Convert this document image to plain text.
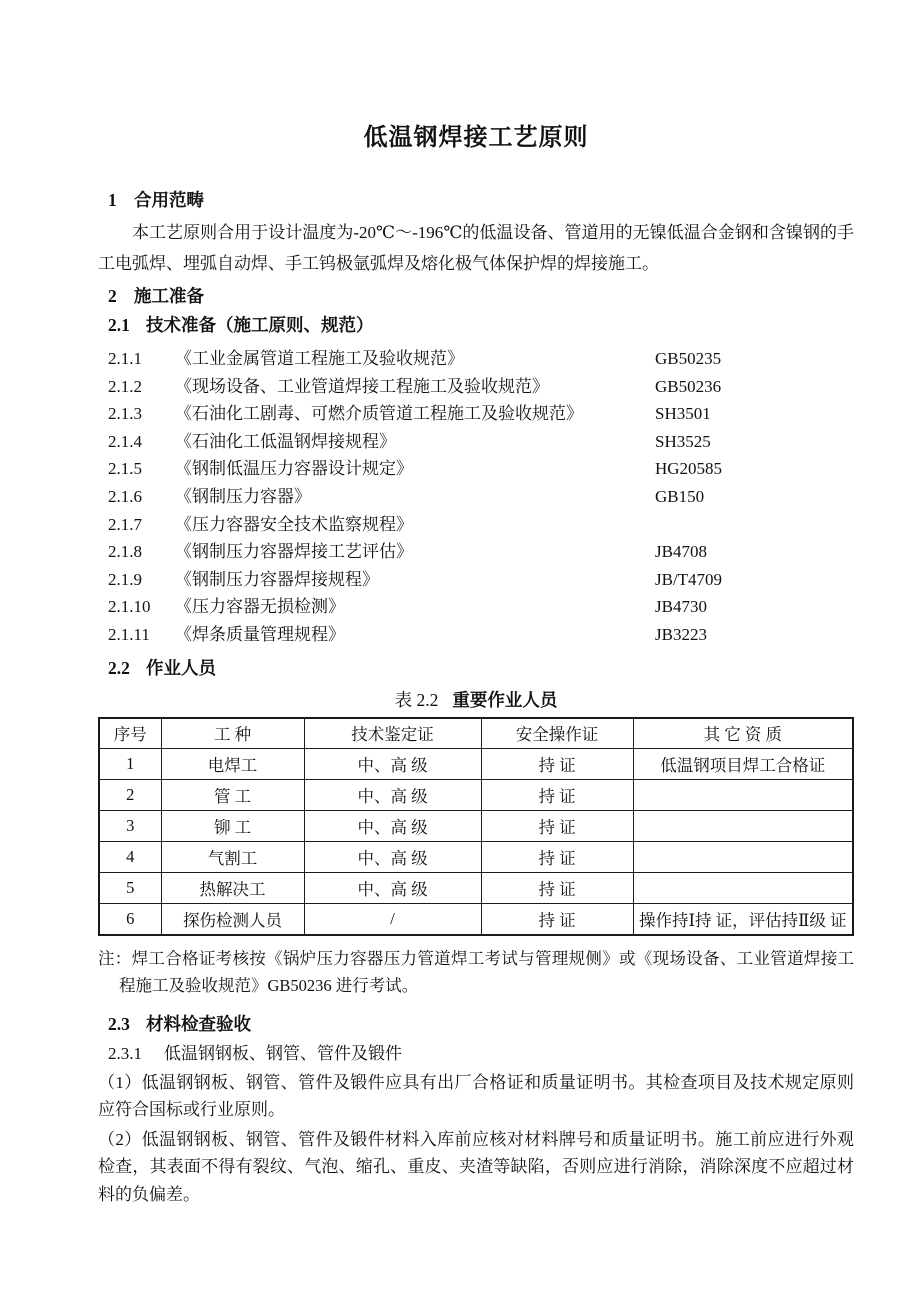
低温钢焊接工艺原则
1 合用范畴
本工艺原则合用于设计温度为-20℃～-196℃的低温设备、管道用的无镍低温合金钢和含镍钢的手工电弧焊、埋弧自动焊、手工钨极氩弧焊及熔化极气体保护焊的焊接施工。
2 施工准备
2.1 技术准备（施工原则、规范）
2.1.1	《工业金属管道工程施工及验收规范》	GB50235
2.1.2	《现场设备、工业管道焊接工程施工及验收规范》	GB50236
2.1.3	《石油化工剧毒、可燃介质管道工程施工及验收规范》	SH3501
2.1.4	《石油化工低温钢焊接规程》	SH3525
2.1.5	《钢制低温压力容器设计规定》	HG20585
2.1.6	《钢制压力容器》	GB150
2.1.7	《压力容器安全技术监察规程》
2.1.8	《钢制压力容器焊接工艺评估》	JB4708
2.1.9	《钢制压力容器焊接规程》	JB/T4709
2.1.10	《压力容器无损检测》	JB4730
2.1.11	《焊条质量管理规程》	JB3223
2.2 作业人员
表 2.2 重要作业人员
序号	工 种	技术鉴定证	安全操作证	其 它 资 质
1	电焊工	中、高 级	持 证	低温钢项目焊工合格证
2	管 工	中、高 级	持 证	
3	铆 工	中、高 级	持 证	
4	气割工	中、高 级	持 证	
5	热解决工	中、高 级	持 证	
6	探伤检测人员	/	持 证	操作持Ⅰ持 证，评估持Ⅱ级 证
注：焊工合格证考核按《锅炉压力容器压力管道焊工考试与管理规侧》或《现场设备、工业管道焊接工程施工及验收规范》GB50236 进行考试。
2.3 材料检查验收
2.3.1 低温钢钢板、钢管、管件及锻件
（1）低温钢钢板、钢管、管件及锻件应具有出厂合格证和质量证明书。其检查项目及技术规定原则应符合国标或行业原则。
（2）低温钢钢板、钢管、管件及锻件材料入库前应核对材料牌号和质量证明书。施工前应进行外观检查，其表面不得有裂纹、气泡、缩孔、重皮、夹渣等缺陷，否则应进行消除，消除深度不应超过材料的负偏差。
